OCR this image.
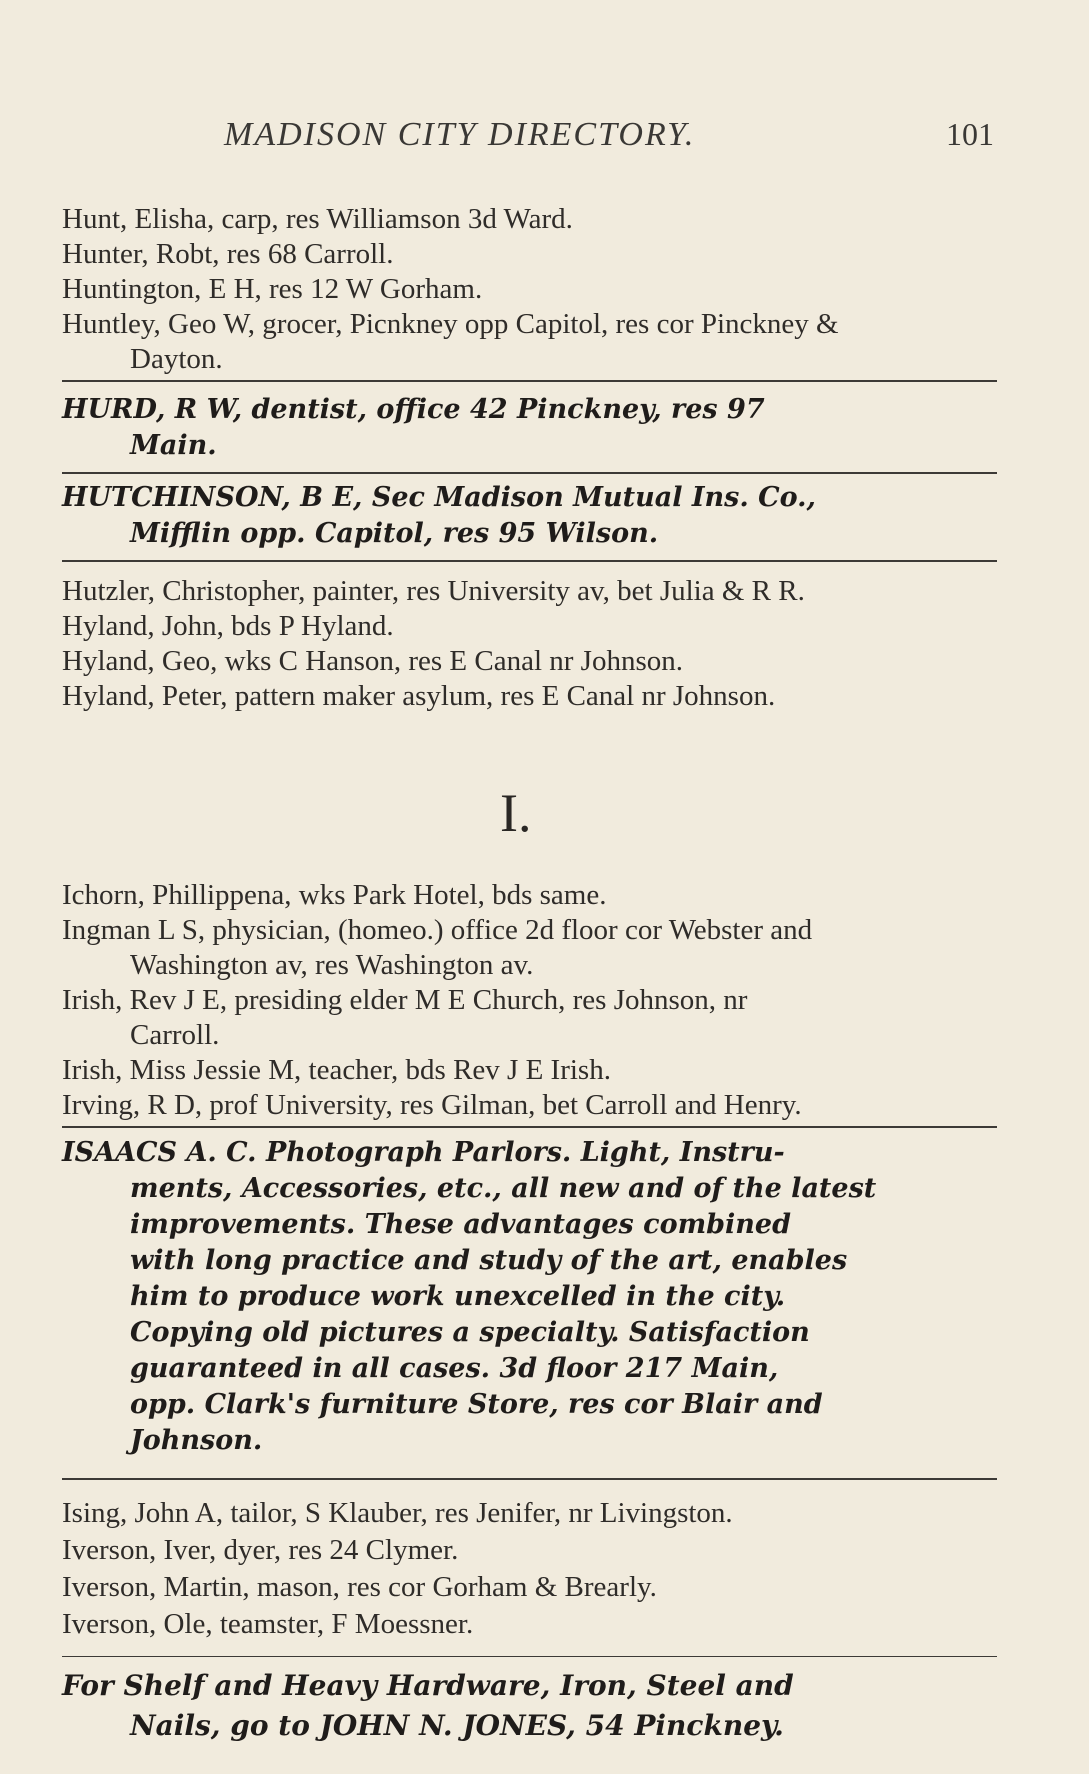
MADISON CITY DIRECTORY.	101
Hunt, Elisha, carp, res Williamson 3d Ward.
Hunter, Robt, res 68 Carroll.
Huntington, E H, res 12 W Gorham.
Huntley, Geo W, grocer, Picnkney opp Capitol, res cor Pinckney &
Dayton.
HURD, R W, dentist, office 42 Pinckney, res 97
Main.
HUTCHINSON, B E, Sec Madison Mutual Ins. Co.,
Mifflin opp. Capitol, res 95 Wilson.
Hutzler, Christopher, painter, res University av, bet Julia & R R.
Hyland, John, bds P Hyland.
Hyland, Geo, wks C Hanson, res E Canal nr Johnson.
Hyland, Peter, pattern maker asylum, res E Canal nr Johnson.
I.
Ichorn, Phillippena, wks Park Hotel, bds same.
Ingman L S, physician, (homeo.) office 2d floor cor Webster and
Washington av, res Washington av.
Irish, Rev J E, presiding elder M E Church, res Johnson, nr
Carroll.
Irish, Miss Jessie M, teacher, bds Rev J E Irish.
Irving, R D, prof University, res Gilman, bet Carroll and Henry.
ISAACS A. C. Photograph Parlors. Light, Instru-
ments, Accessories, etc., all new and of the latest
improvements. These advantages combined
with long practice and study of the art, enables
him to produce work unexcelled in the city.
Copying old pictures a specialty. Satisfaction
guaranteed in all cases. 3d floor 217 Main,
opp. Clark's furniture Store, res cor Blair and
Johnson.
Ising, John A, tailor, S Klauber, res Jenifer, nr Livingston.
Iverson, Iver, dyer, res 24 Clymer.
Iverson, Martin, mason, res cor Gorham & Brearly.
Iverson, Ole, teamster, F Moessner.
For Shelf and Heavy Hardware, Iron, Steel and
Nails, go to JOHN N. JONES, 54 Pinckney.
